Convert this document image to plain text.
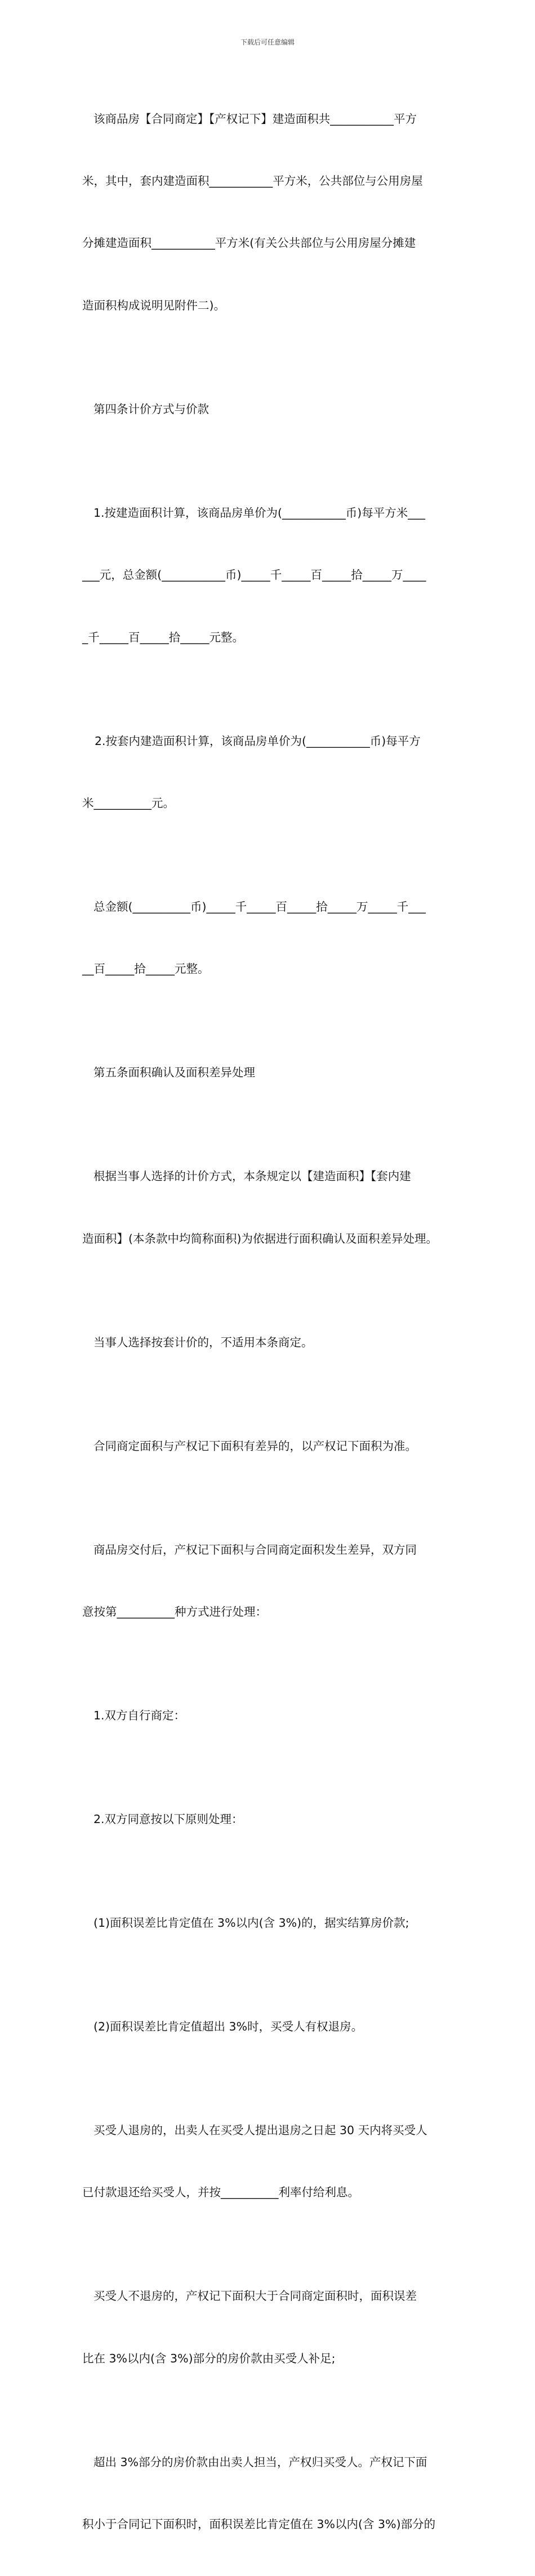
下载后可任意编辑

该商品房【合同商定】【产权记下】建造面积共___________平方

米，其中，套内建造面积___________平方米，公共部位与公用房屋

分摊建造面积___________平方米(有关公共部位与公用房屋分摊建

造面积构成说明见附件二)。

第四条计价方式与价款

1.按建造面积计算，该商品房单价为(___________币)每平方米___

___元，总金额(___________币)_____千_____百_____拾_____万____

_千_____百_____拾_____元整。

2.按套内建造面积计算，该商品房单价为(___________币)每平方

米__________元。

总金额(__________币)_____千_____百_____拾_____万_____千___

__百_____拾_____元整。

第五条面积确认及面积差异处理

根据当事人选择的计价方式，本条规定以【建造面积】【套内建

造面积】(本条款中均简称面积)为依据进行面积确认及面积差异处理。

当事人选择按套计价的，不适用本条商定。

合同商定面积与产权记下面积有差异的，以产权记下面积为准。

商品房交付后，产权记下面积与合同商定面积发生差异，双方同

意按第__________种方式进行处理：

1.双方自行商定：

2.双方同意按以下原则处理：

(1)面积误差比肯定值在 3%以内(含 3%)的，据实结算房价款;

(2)面积误差比肯定值超出 3%时，买受人有权退房。

买受人退房的，出卖人在买受人提出退房之日起 30 天内将买受人

已付款退还给买受人，并按__________利率付给利息。

买受人不退房的，产权记下面积大于合同商定面积时，面积误差

比在 3%以内(含 3%)部分的房价款由买受人补足;

超出 3%部分的房价款由出卖人担当，产权归买受人。产权记下面

积小于合同记下面积时，面积误差比肯定值在 3%以内(含 3%)部分的
